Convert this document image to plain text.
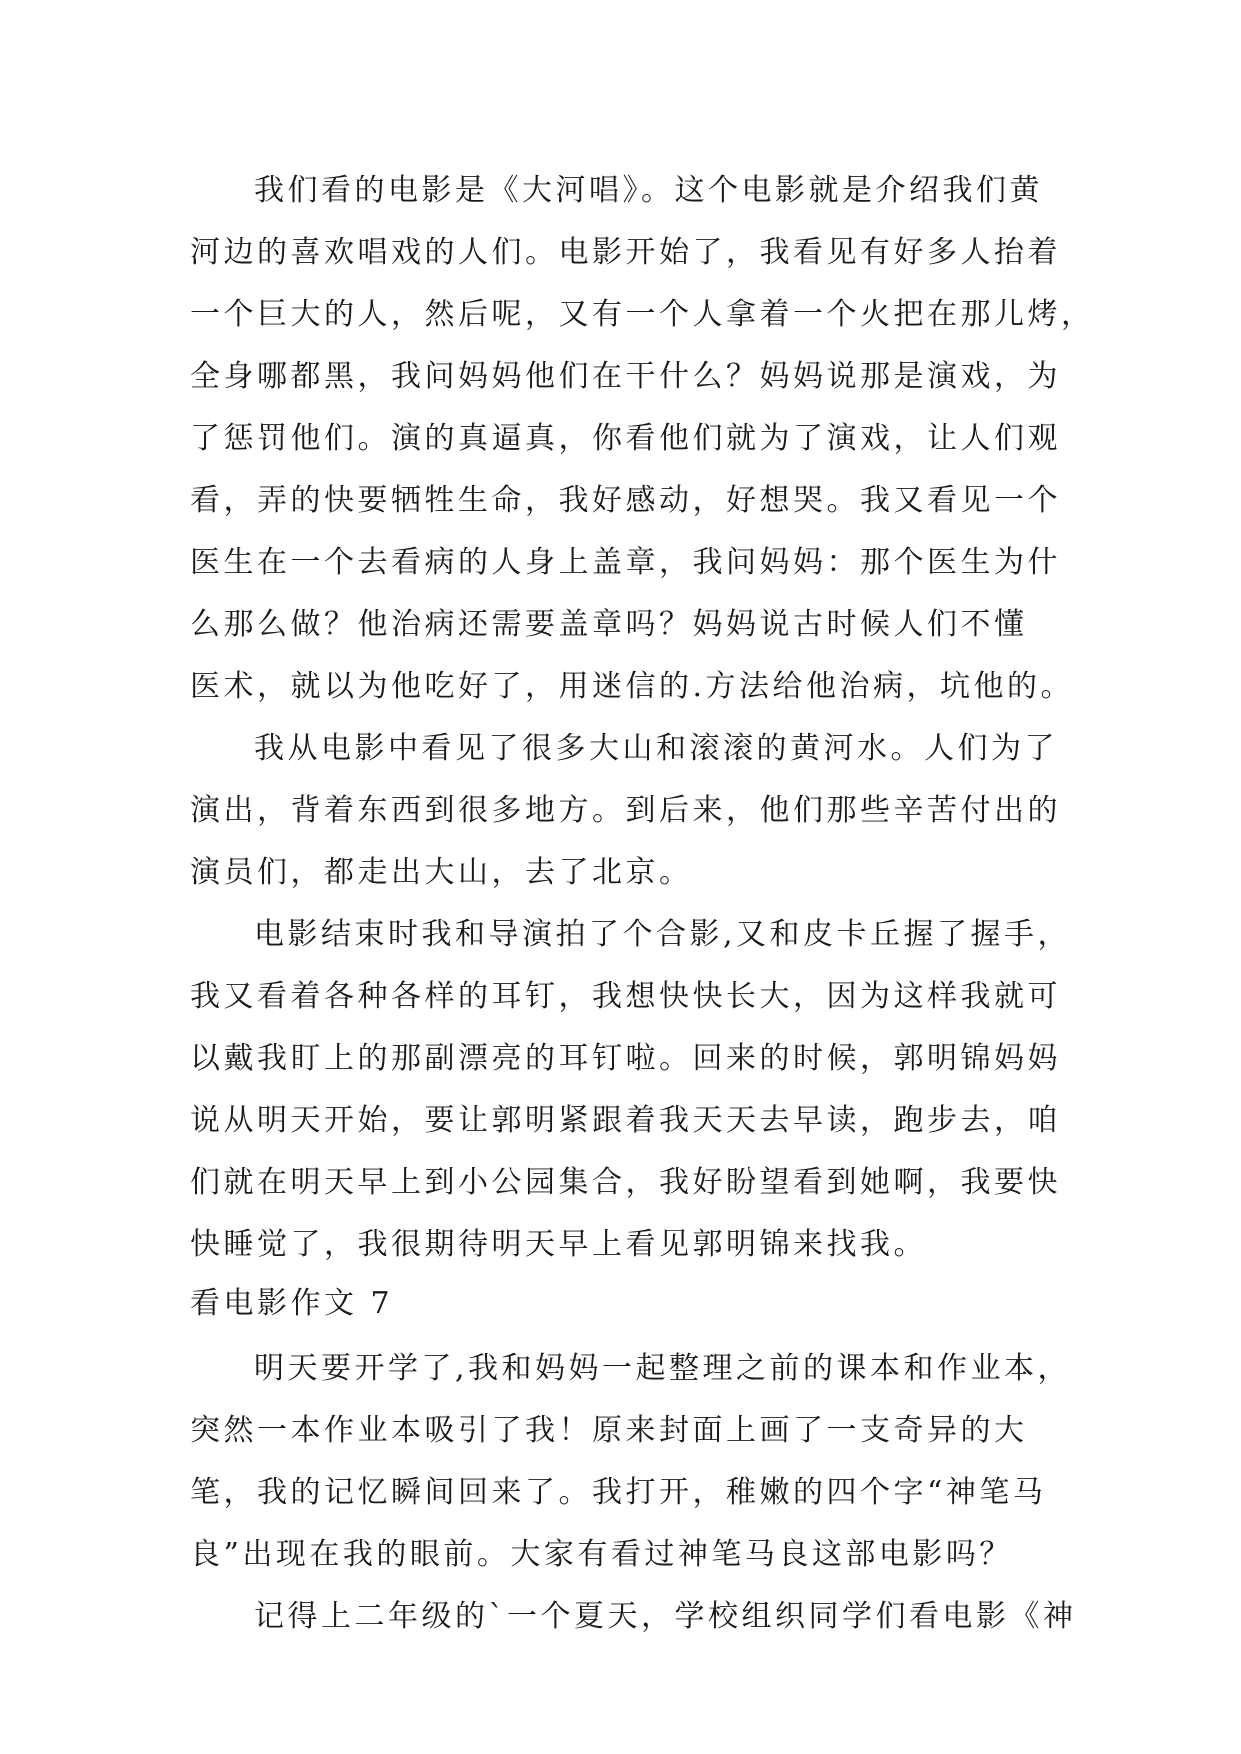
我们看的电影是《大河唱》。这个电影就是介绍我们黄
河边的喜欢唱戏的人们。电影开始了，我看见有好多人抬着
一个巨大的人，然后呢，又有一个人拿着一个火把在那儿烤，
全身哪都黑，我问妈妈他们在干什么？妈妈说那是演戏，为
了惩罚他们。演的真逼真，你看他们就为了演戏，让人们观
看，弄的快要牺牲生命，我好感动，好想哭。我又看见一个
医生在一个去看病的人身上盖章，我问妈妈：那个医生为什
么那么做？他治病还需要盖章吗？妈妈说古时候人们不懂
医术，就以为他吃好了，用迷信的.方法给他治病，坑他的。
我从电影中看见了很多大山和滚滚的黄河水。人们为了
演出，背着东西到很多地方。到后来，他们那些辛苦付出的
演员们，都走出大山，去了北京。
电影结束时我和导演拍了个合影,又和皮卡丘握了握手，
我又看着各种各样的耳钉，我想快快长大，因为这样我就可
以戴我盯上的那副漂亮的耳钉啦。回来的时候，郭明锦妈妈
说从明天开始，要让郭明紧跟着我天天去早读，跑步去，咱
们就在明天早上到小公园集合，我好盼望看到她啊，我要快
快睡觉了，我很期待明天早上看见郭明锦来找我。
看电影作文 7
明天要开学了,我和妈妈一起整理之前的课本和作业本，
突然一本作业本吸引了我！原来封面上画了一支奇异的大
笔，我的记忆瞬间回来了。我打开，稚嫩的四个字“神笔马
良”出现在我的眼前。大家有看过神笔马良这部电影吗？
记得上二年级的`一个夏天，学校组织同学们看电影《神
